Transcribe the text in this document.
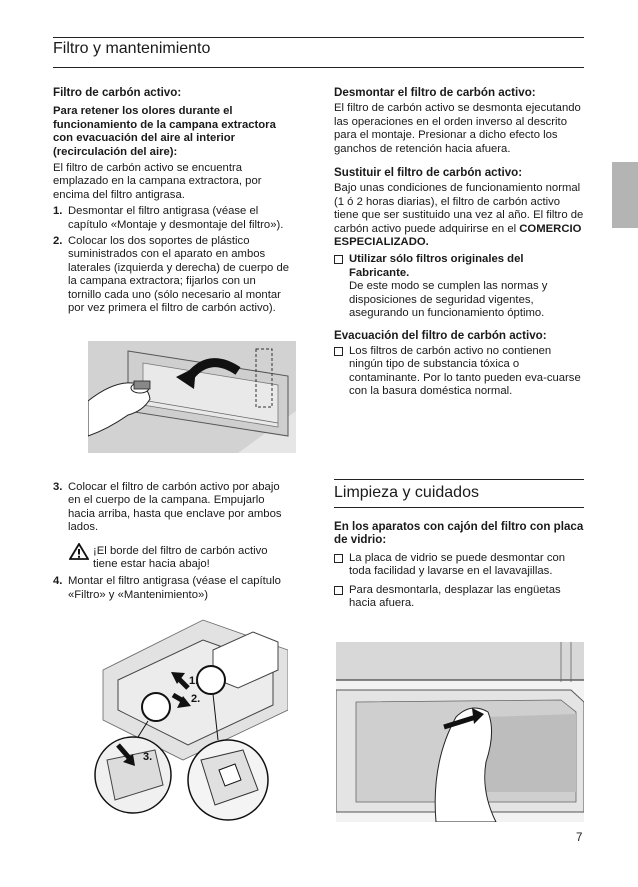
Filtro y mantenimiento
Filtro de carbón activo:
Para retener los olores durante el funcionamiento de la campana extractora con evacuación del aire al interior (recirculación del aire):
El filtro de carbón activo se encuentra emplazado en la campana extractora, por encima del filtro antigrasa.
1. Desmontar el filtro antigrasa (véase el capítulo «Montaje y desmontaje del filtro»).
2. Colocar los dos soportes de plástico suministrados con el aparato en ambos laterales (izquierda y derecha) de cuerpo de la campana extractora; fijarlos con un tornillo cada uno (sólo necesario al montar por vez primera el filtro de carbón activo).
3. Colocar el filtro de carbón activo por abajo en el cuerpo de la campana. Empujarlo hacia arriba, hasta que enclave por ambos lados.
¡El borde del filtro de carbón activo tiene estar hacia abajo!
4. Montar el filtro antigrasa (véase el capítulo «Filtro» y «Mantenimiento»)
1.
2.
3.
Desmontar el filtro de carbón activo:
El filtro de carbón activo se desmonta ejecutando las operaciones en el orden inverso al descrito para el montaje. Presionar a dicho efecto los ganchos de retención hacia afuera.
Sustituir el filtro de carbón activo:
Bajo unas condiciones de funcionamiento normal (1 ó 2 horas diarias), el filtro de carbón activo tiene que ser sustituido una vez al año. El filtro de carbón activo puede adquirirse en el COMERCIO ESPECIALIZADO.
Utilizar sólo filtros originales del Fabricante.
De este modo se cumplen las normas y disposiciones de seguridad vigentes, asegurando un funcionamiento óptimo.
Evacuación del filtro de carbón activo:
Los filtros de carbón activo no contienen ningún tipo de substancia tóxica o contaminante. Por lo tanto pueden eva-cuarse con la basura doméstica normal.
Limpieza y cuidados
En los aparatos con cajón del filtro con placa de vidrio:
La placa de vidrio se puede desmontar con toda facilidad y lavarse en el lavavajillas.
Para desmontarla, desplazar las engüetas hacia afuera.
7
